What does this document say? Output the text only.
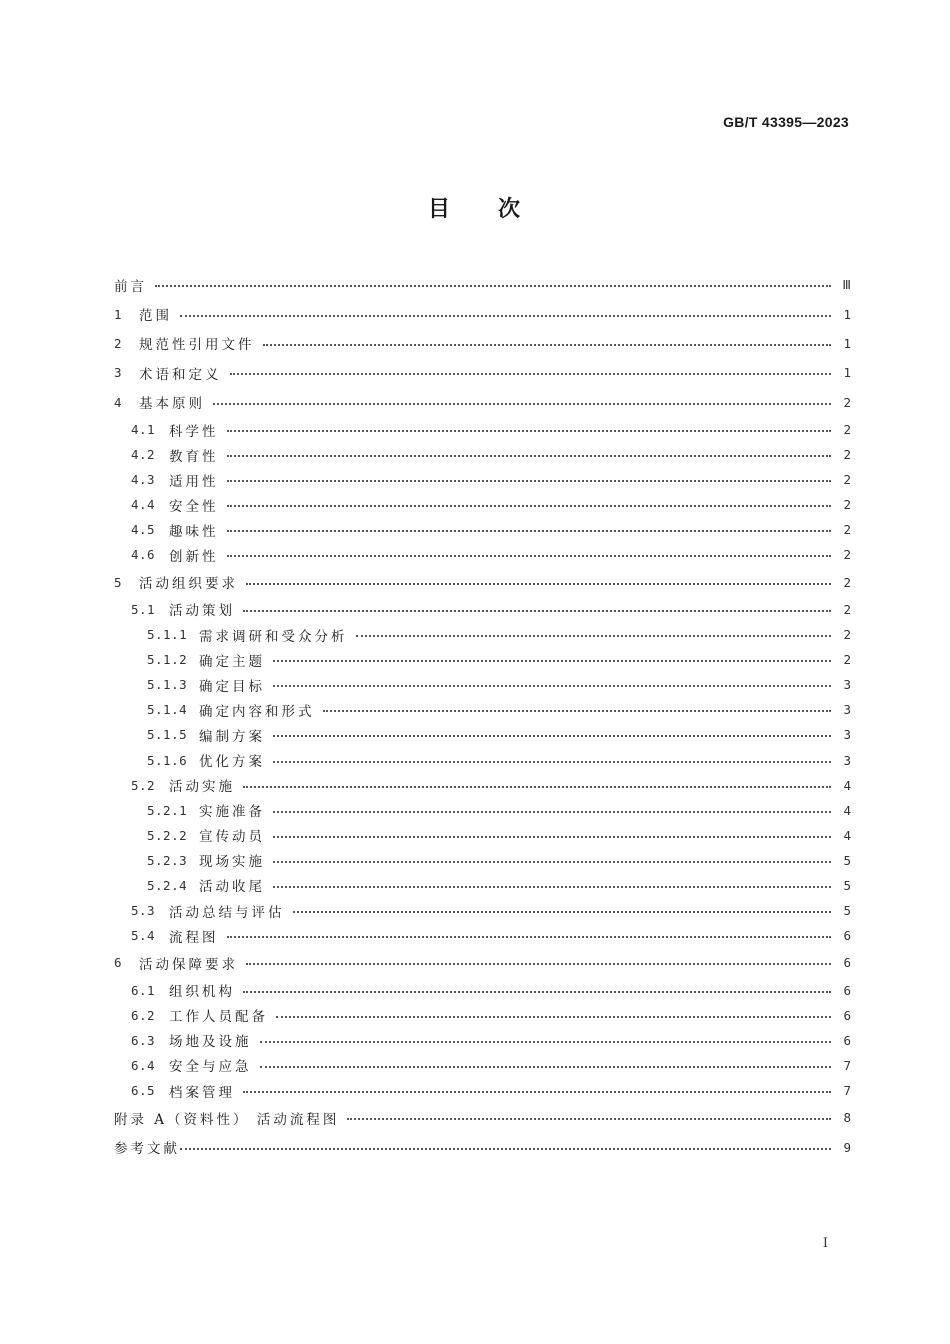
GB/T 43395—2023
目 次
前言	Ⅲ
1	范围	1
2	规范性引用文件	1
3	术语和定义	1
4	基本原则	2
4.1	科学性	2
4.2	教育性	2
4.3	适用性	2
4.4	安全性	2
4.5	趣味性	2
4.6	创新性	2
5	活动组织要求	2
5.1	活动策划	2
5.1.1 需求调研和受众分析	2
5.1.2 确定主题	2
5.1.3 确定目标	3
5.1.4 确定内容和形式	3
5.1.5 编制方案	3
5.1.6 优化方案	3
5.2	活动实施	4
5.2.1 实施准备	4
5.2.2 宣传动员	4
5.2.3 现场实施	5
5.2.4 活动收尾	5
5.3	活动总结与评估	5
5.4	流程图	6
6	活动保障要求	6
6.1	组织机构	6
6.2	工作人员配备	6
6.3	场地及设施	6
6.4	安全与应急	7
6.5	档案管理	7
附录 A（资料性） 活动流程图	8
参考文献	9
Ⅰ
